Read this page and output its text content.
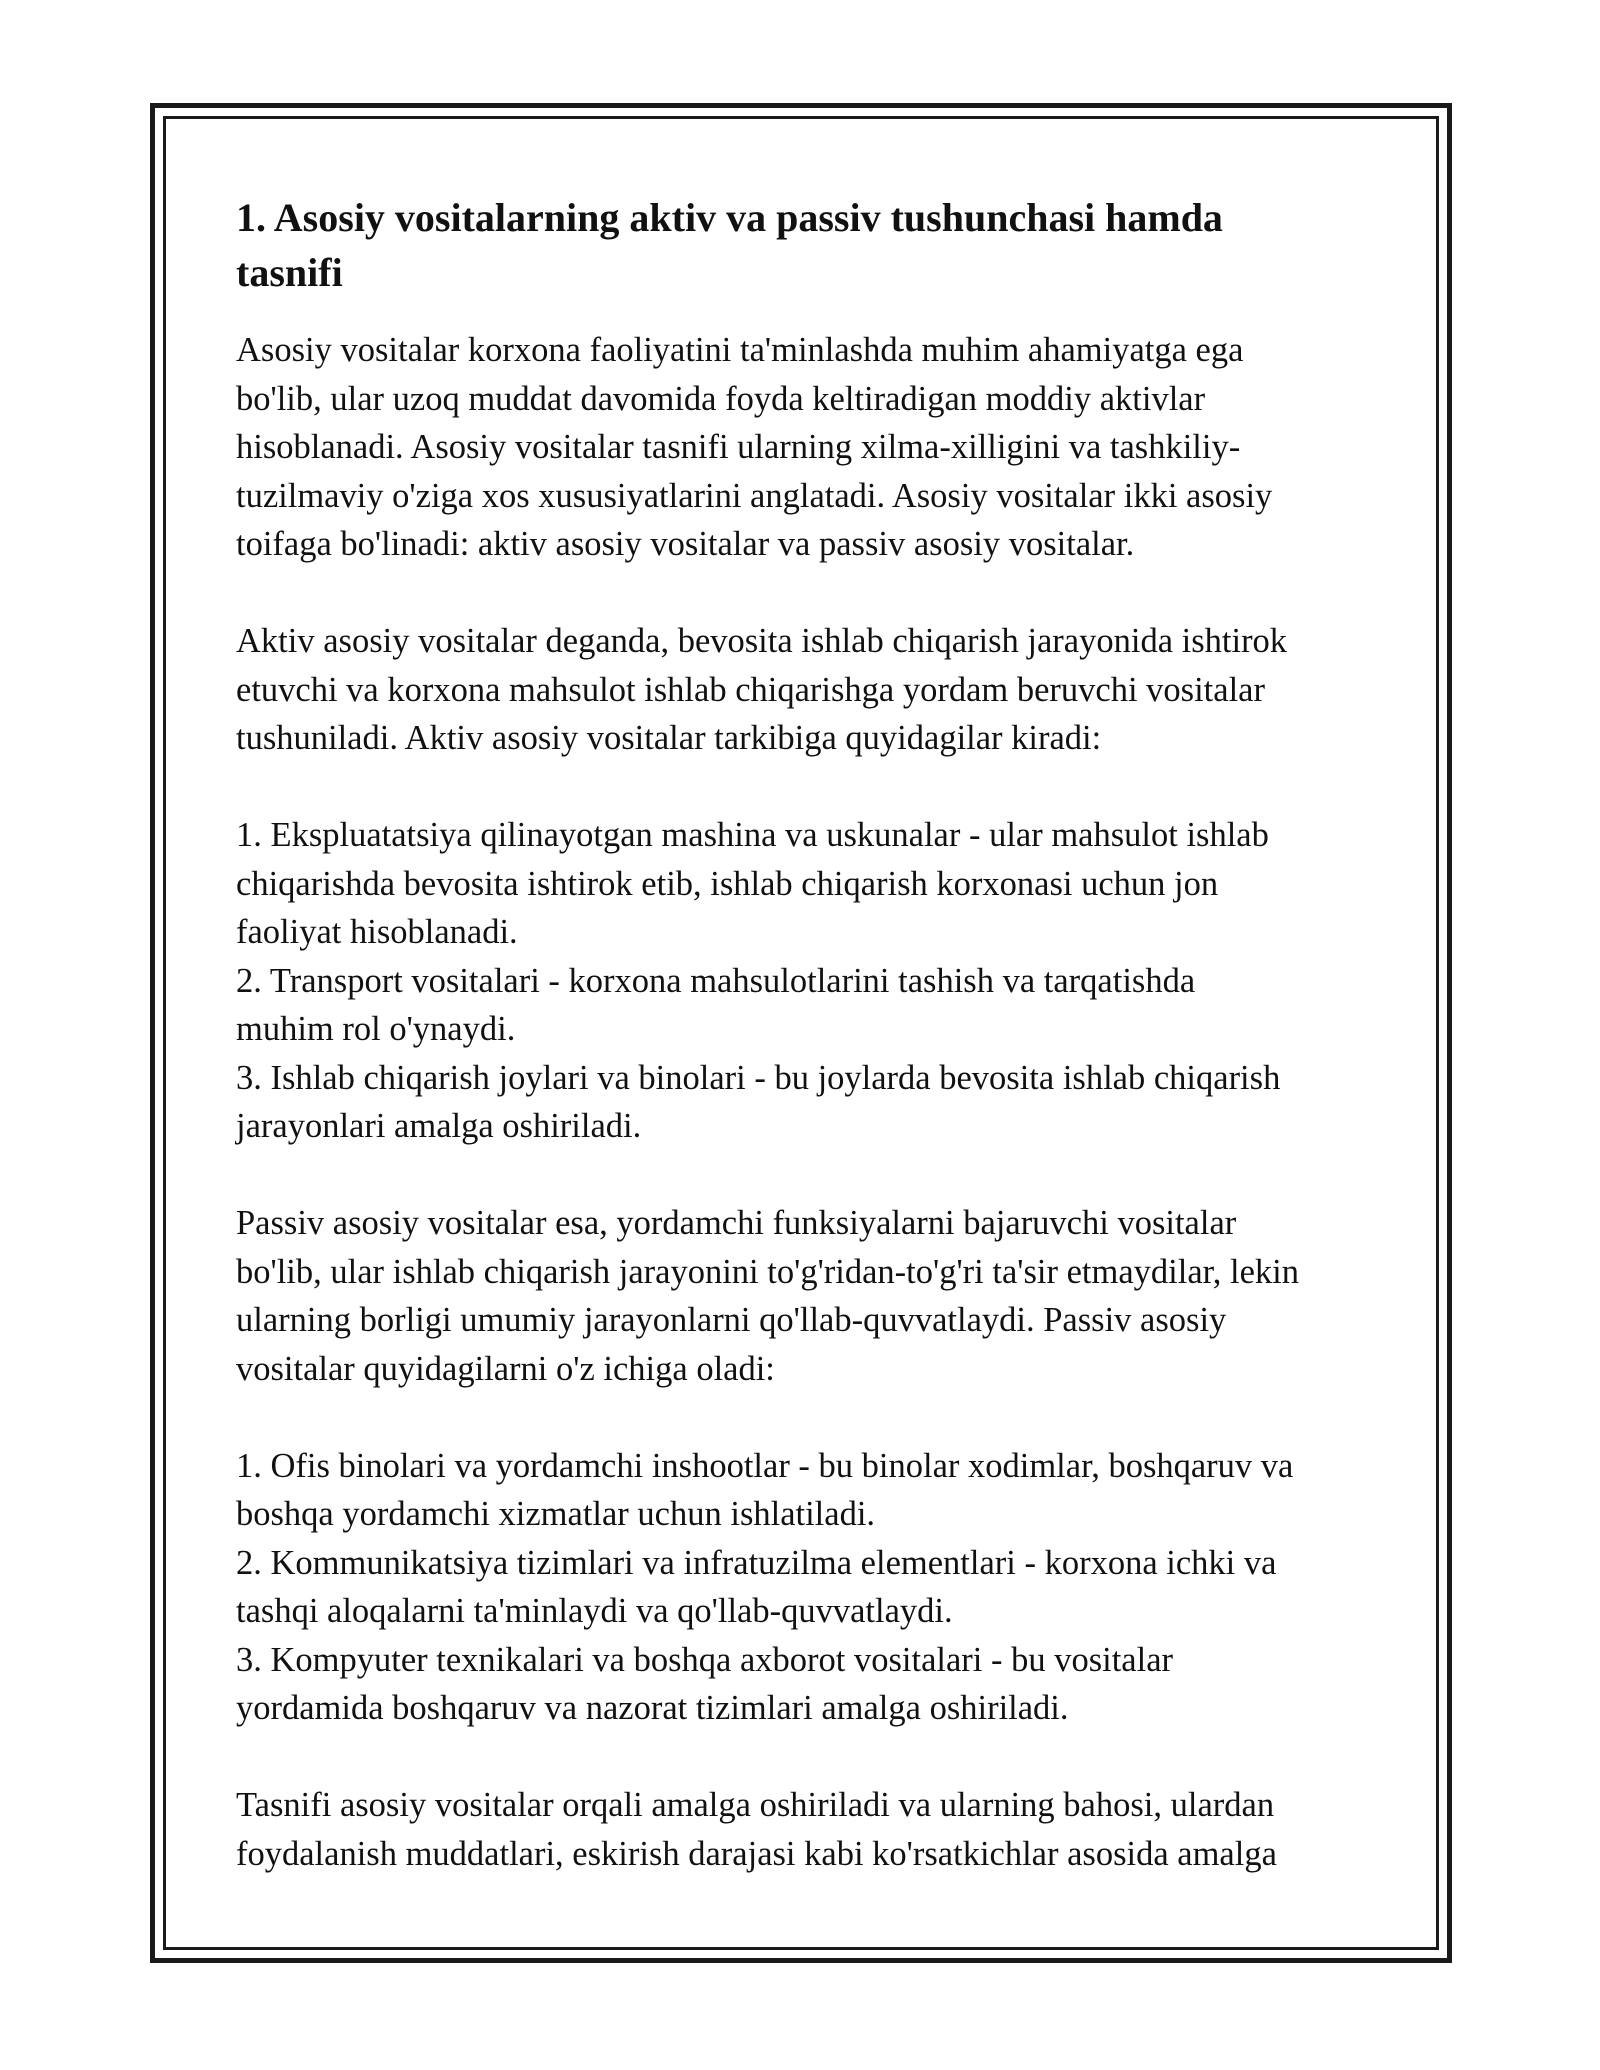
1. Asosiy vositalarning aktiv va passiv tushunchasi hamda
tasnifi
Asosiy vositalar korxona faoliyatini ta'minlashda muhim ahamiyatga ega
bo'lib, ular uzoq muddat davomida foyda keltiradigan moddiy aktivlar
hisoblanadi. Asosiy vositalar tasnifi ularning xilma-xilligini va tashkiliy-
tuzilmaviy o'ziga xos xususiyatlarini anglatadi. Asosiy vositalar ikki asosiy
toifaga bo'linadi: aktiv asosiy vositalar va passiv asosiy vositalar.
Aktiv asosiy vositalar deganda, bevosita ishlab chiqarish jarayonida ishtirok
etuvchi va korxona mahsulot ishlab chiqarishga yordam beruvchi vositalar
tushuniladi. Aktiv asosiy vositalar tarkibiga quyidagilar kiradi:
1. Ekspluatatsiya qilinayotgan mashina va uskunalar - ular mahsulot ishlab
chiqarishda bevosita ishtirok etib, ishlab chiqarish korxonasi uchun jon
faoliyat hisoblanadi.
2. Transport vositalari - korxona mahsulotlarini tashish va tarqatishda
muhim rol o'ynaydi.
3. Ishlab chiqarish joylari va binolari - bu joylarda bevosita ishlab chiqarish
jarayonlari amalga oshiriladi.
Passiv asosiy vositalar esa, yordamchi funksiyalarni bajaruvchi vositalar
bo'lib, ular ishlab chiqarish jarayonini to'g'ridan-to'g'ri ta'sir etmaydilar, lekin
ularning borligi umumiy jarayonlarni qo'llab-quvvatlaydi. Passiv asosiy
vositalar quyidagilarni o'z ichiga oladi:
1. Ofis binolari va yordamchi inshootlar - bu binolar xodimlar, boshqaruv va
boshqa yordamchi xizmatlar uchun ishlatiladi.
2. Kommunikatsiya tizimlari va infratuzilma elementlari - korxona ichki va
tashqi aloqalarni ta'minlaydi va qo'llab-quvvatlaydi.
3. Kompyuter texnikalari va boshqa axborot vositalari - bu vositalar
yordamida boshqaruv va nazorat tizimlari amalga oshiriladi.
Tasnifi asosiy vositalar orqali amalga oshiriladi va ularning bahosi, ulardan
foydalanish muddatlari, eskirish darajasi kabi ko'rsatkichlar asosida amalga
